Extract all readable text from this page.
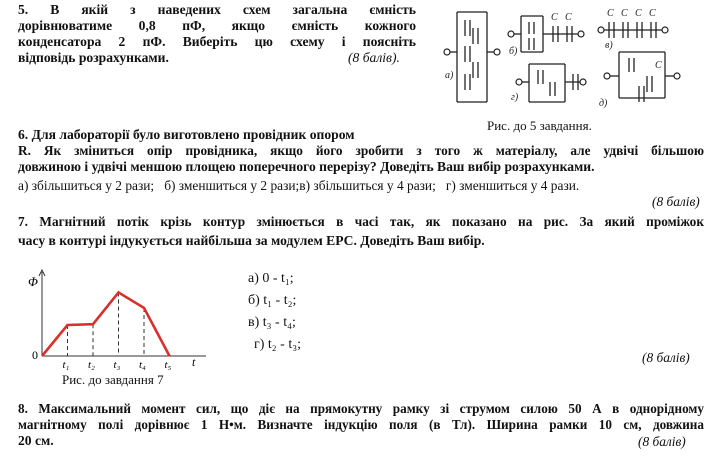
5. В якій з наведених схем загальна ємність
дорівнюватиме 0,8 пФ, якщо ємність кожного
конденсатора 2 пФ. Виберіть цю схему і поясніть
відповідь розрахунками.	(8 балів).
а)
б)
в)
г)
д)
C C	C C C C
C
Рис. до 5 завдання.
6. Для лабораторії було виготовлено провідник опором
R. Як зміниться опір провідника, якщо його зробити з того ж матеріалу, але удвічі більшою
довжиною і удвічі меншою площею поперечного перерізу? Доведіть Ваш вибір розрахунками.
а) збільшиться у 2 рази;   б) зменшиться у 2 рази;в) збільшиться у 4 рази;   г) зменшиться у 4 рази.
(8 балів)
7. Магнітний потік крізь контур змінюється в часі так, як показано на рис. За який проміжок
часу в контурі індукується найбільша за модулем ЕРС. Доведіть Ваш вибір.
Φ
0	t
t₁ t₂ t₃ t₄ t₅
Рис. до завдання 7
а) 0 - t₁;
б) t₁ - t₂;
в) t₃ - t₄;
г) t₂ - t₃;
(8 балів)
8. Максимальний момент сил, що діє на прямокутну рамку зі струмом силою 50 А в однорідному
магнітному полі дорівнює 1 Н•м. Визначте індукцію поля (в Тл). Ширина рамки 10 см, довжина
20 см.	(8 балів)
